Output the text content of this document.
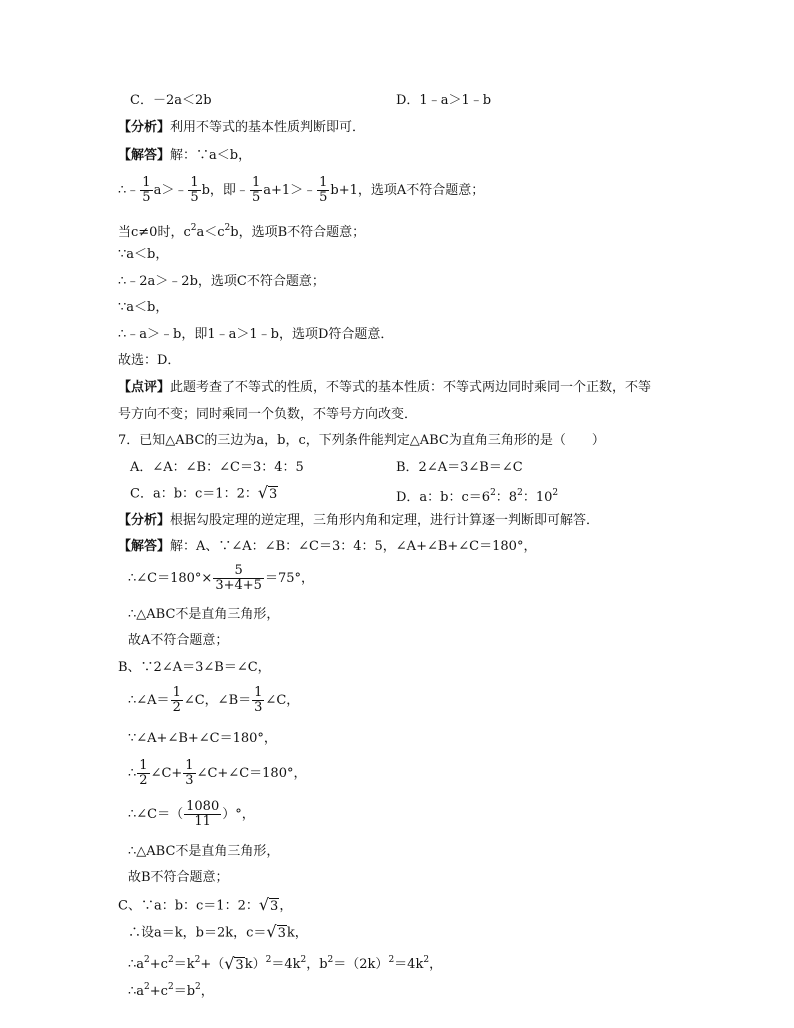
C．－2a＜2b	D．1﹣a＞1﹣b
【分析】利用不等式的基本性质判断即可．
【解答】解：∵a＜b，
∴﹣ $\frac{1}{5}$ a＞﹣ $\frac{1}{5}$ b，即﹣ $\frac{1}{5}$ a+1＞﹣ $\frac{1}{5} b+1$，选项A不符合题意；
当c≠0时，$c^2a<c^2b$，选项B不符合题意；
∵a＜b，
∴﹣2a＞﹣2b，选项C不符合题意；
∵a＜b，
∴﹣a＞﹣b，即1﹣a＞1﹣b，选项D符合题意．
故选：D．
【点评】此题考查了不等式的性质，不等式的基本性质：不等式两边同时乘同一个正数，不等
号方向不变；同时乘同一个负数，不等号方向改变．
7．已知△ABC的三边为a，b，c，下列条件能判定△ABC为直角三角形的是（　　）
A．∠A：∠B：∠C＝3：4：5	B．2∠A＝3∠B＝∠C
C．a：b：c＝1：2：√3	D．a：b：$c=6^2$：$8^2$：$10^2$
【分析】根据勾股定理的逆定理，三角形内角和定理，进行计算逐一判断即可解答．
【解答】解：A、∵∠A：∠B：∠C＝3：4：5，∠A+∠B+∠C＝180°，
∴∠C＝180°× $\frac{5}{3+4+5} =75^\circ$，
∴△ABC不是直角三角形，
故A不符合题意；
B、∵2∠A＝3∠B＝∠C，
∴∠A＝ $\frac{1}{2}$ ∠C，∠B＝ $\frac{1}{3}$ ∠C，
∵∠A+∠B+∠C＝180°，
∴ $\frac{1}{2}$ ∠C+ $\frac{1}{3}$ ∠C+∠C＝180°，
∴∠C＝（ $\frac{1080}{11}$ ）°，
∴△ABC不是直角三角形，
故B不符合题意；
C、∵a：b：c＝1：2：√3，
∴设a＝k，b＝2k，c＝√3k，
$\therefore a^2+c^2=k^2+(√3k)^2=4k^2$，$b^2=(2k)^2=4k^2$，
$\therefore a^2+c^2=b^2$，
